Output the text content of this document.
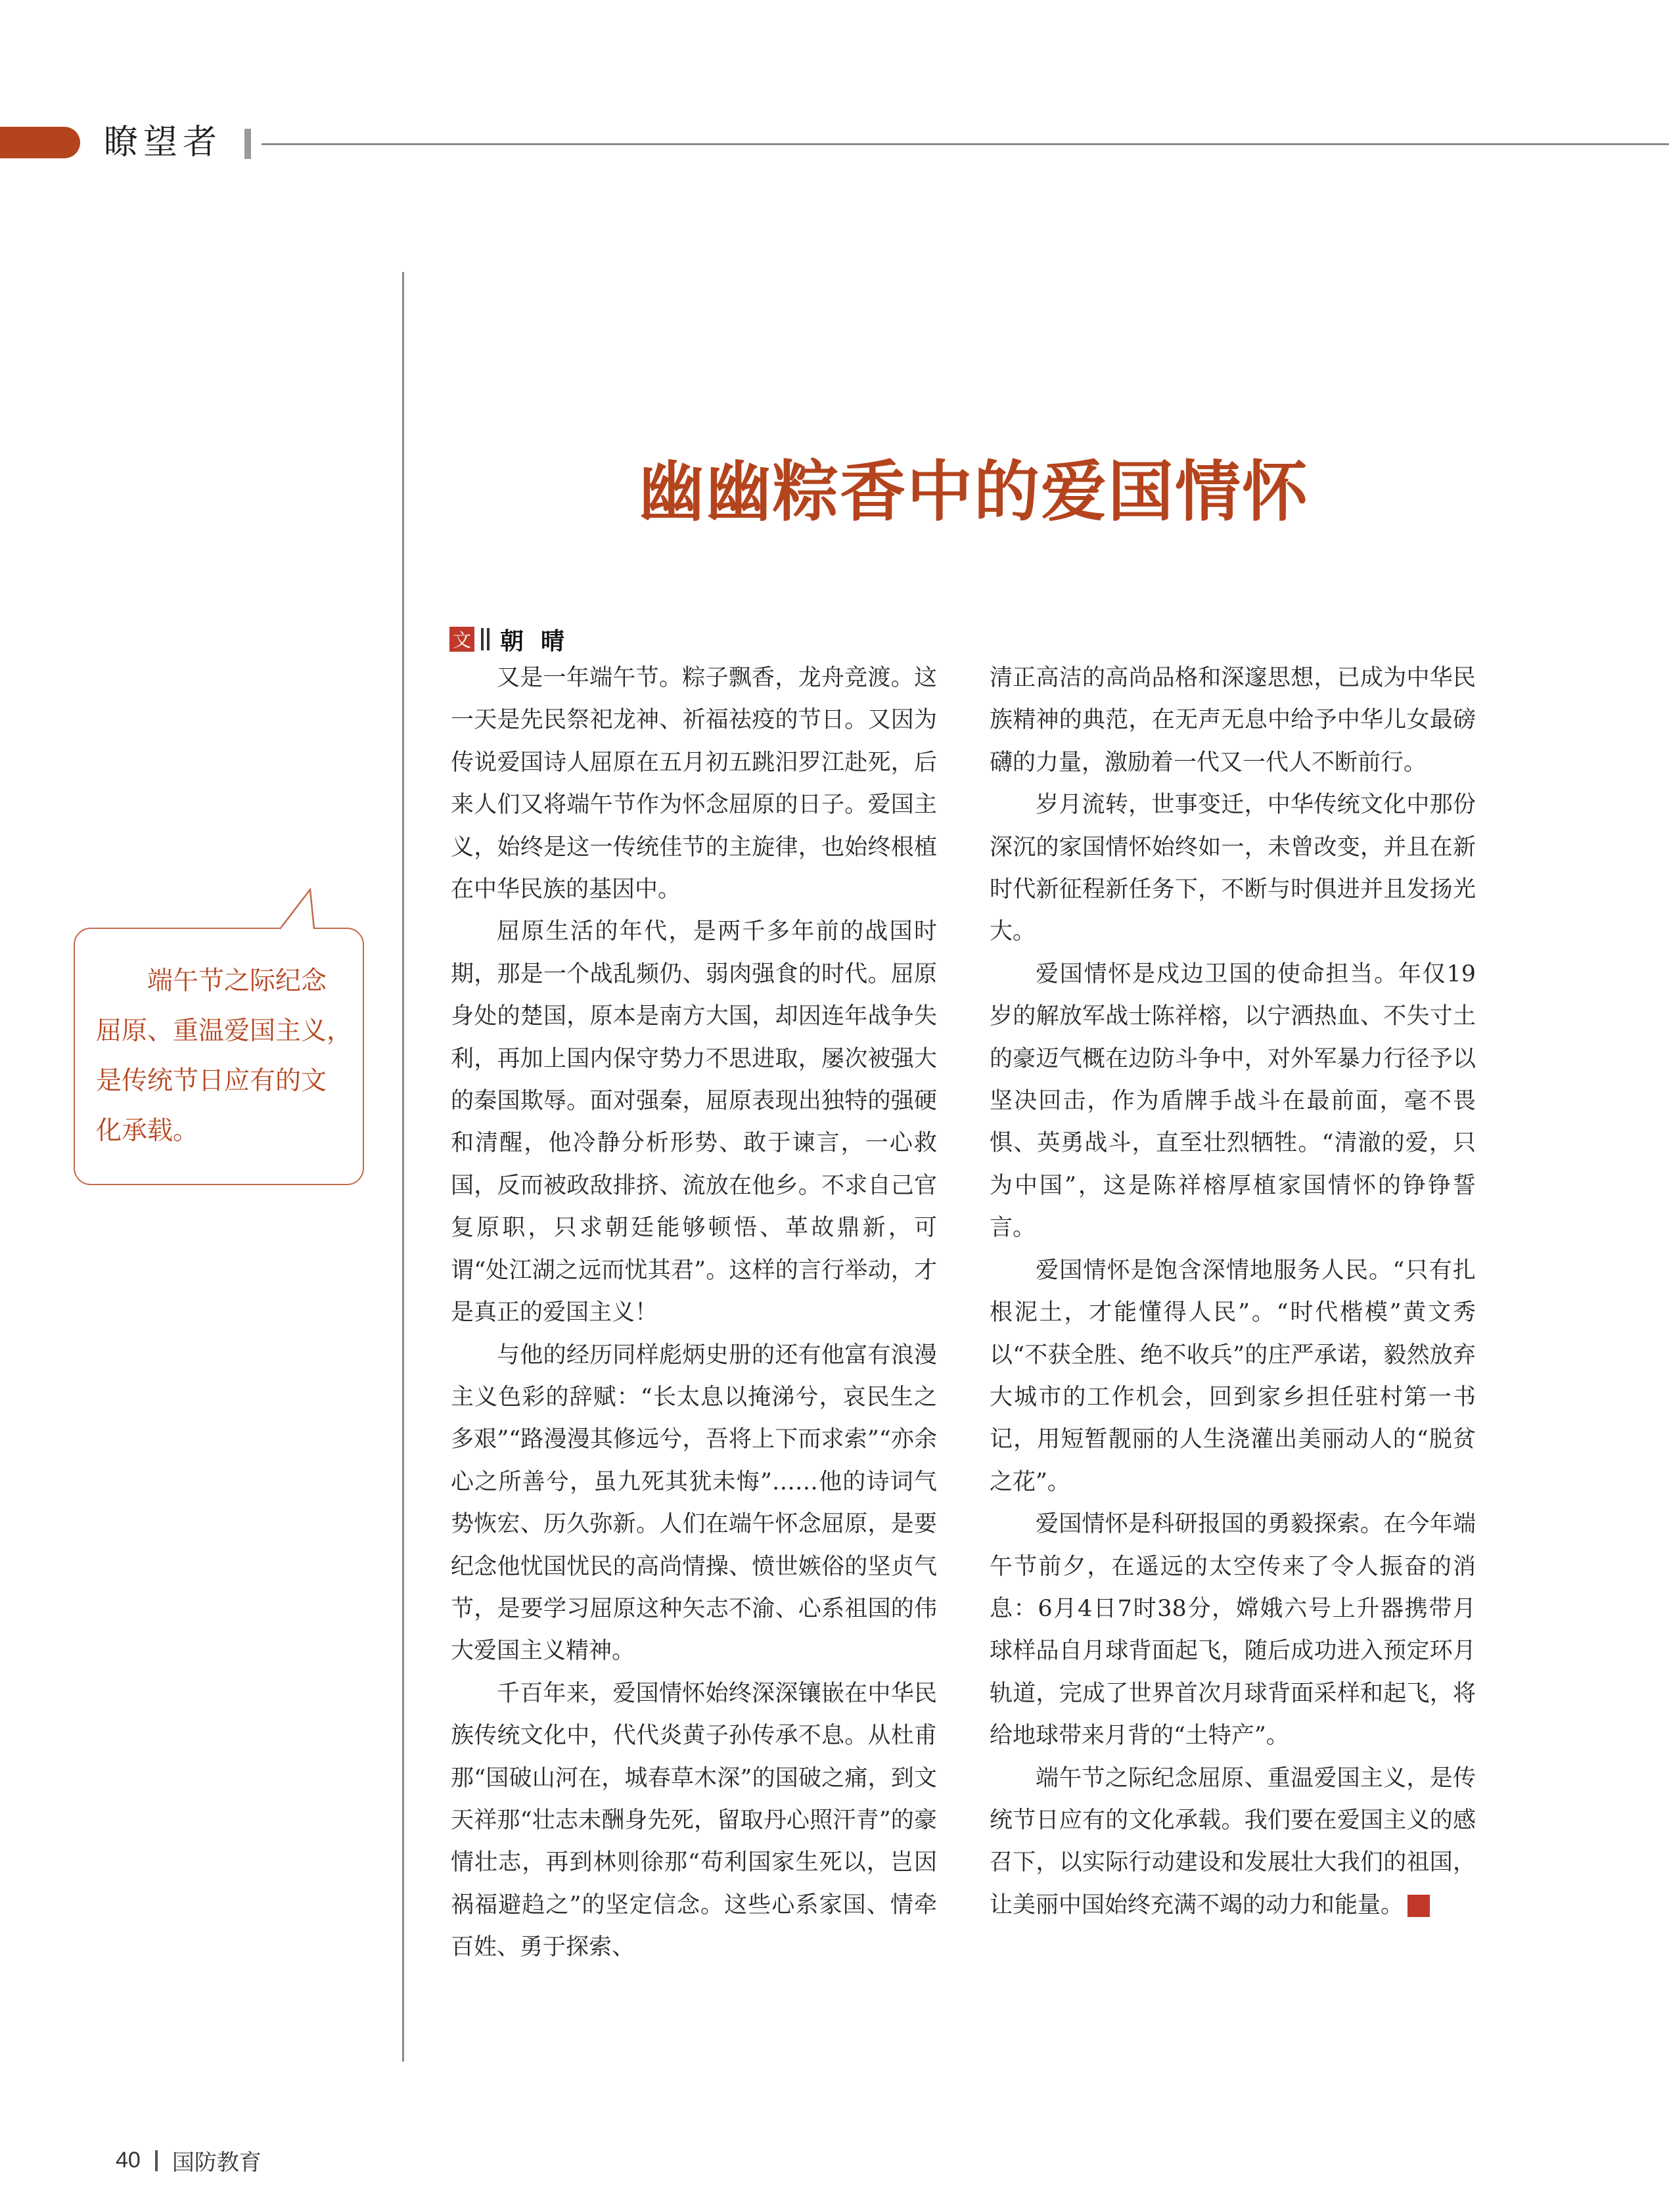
瞭望者
幽幽粽香中的爱国情怀
文 朝晴

又是一年端午节。粽子飘香，龙舟竞渡。这一天是先民祭祀龙神、祈福祛疫的节日。又因为传说爱国诗人屈原在五月初五跳汨罗江赴死，后来人们又将端午节作为怀念屈原的日子。爱国主义，始终是这一传统佳节的主旋律，也始终根植在中华民族的基因中。

屈原生活的年代，是两千多年前的战国时期，那是一个战乱频仍、弱肉强食的时代。屈原身处的楚国，原本是南方大国，却因连年战争失利，再加上国内保守势力不思进取，屡次被强大的秦国欺辱。面对强秦，屈原表现出独特的强硬和清醒，他冷静分析形势、敢于谏言，一心救国，反而被政敌排挤、流放在他乡。不求自己官复原职，只求朝廷能够顿悟、革故鼎新，可谓“处江湖之远而忧其君”。这样的言行举动，才是真正的爱国主义！

与他的经历同样彪炳史册的还有他富有浪漫主义色彩的辞赋：“长太息以掩涕兮，哀民生之多艰”“路漫漫其修远兮，吾将上下而求索”“亦余心之所善兮，虽九死其犹未悔”……他的诗词气势恢宏、历久弥新。人们在端午怀念屈原，是要纪念他忧国忧民的高尚情操、愤世嫉俗的坚贞气节，是要学习屈原这种矢志不渝、心系祖国的伟大爱国主义精神。

千百年来，爱国情怀始终深深镶嵌在中华民族传统文化中，代代炎黄子孙传承不息。从杜甫那“国破山河在，城春草木深”的国破之痛，到文天祥那“壮志未酬身先死，留取丹心照汗青”的豪情壮志，再到林则徐那“苟利国家生死以，岂因祸福避趋之”的坚定信念。这些心系家国、情牵百姓、勇于探索、

清正高洁的高尚品格和深邃思想，已成为中华民族精神的典范，在无声无息中给予中华儿女最磅礴的力量，激励着一代又一代人不断前行。

岁月流转，世事变迁，中华传统文化中那份深沉的家国情怀始终如一，未曾改变，并且在新时代新征程新任务下，不断与时俱进并且发扬光大。

爱国情怀是戍边卫国的使命担当。年仅19岁的解放军战士陈祥榕，以宁洒热血、不失寸土的豪迈气概在边防斗争中，对外军暴力行径予以坚决回击，作为盾牌手战斗在最前面，毫不畏惧、英勇战斗，直至壮烈牺牲。“清澈的爱，只为中国”，这是陈祥榕厚植家国情怀的铮铮誓言。

爱国情怀是饱含深情地服务人民。“只有扎根泥土，才能懂得人民”。“时代楷模”黄文秀以“不获全胜、绝不收兵”的庄严承诺，毅然放弃大城市的工作机会，回到家乡担任驻村第一书记，用短暂靓丽的人生浇灌出美丽动人的“脱贫之花”。

爱国情怀是科研报国的勇毅探索。在今年端午节前夕，在遥远的太空传来了令人振奋的消息：6月4日7时38分，嫦娥六号上升器携带月球样品自月球背面起飞，随后成功进入预定环月轨道，完成了世界首次月球背面采样和起飞，将给地球带来月背的“土特产”。

端午节之际纪念屈原、重温爱国主义，是传统节日应有的文化承载。我们要在爱国主义的感召下，以实际行动建设和发展壮大我们的祖国，让美丽中国始终充满不竭的动力和能量。	G

端午节之际纪念
屈原、重温爱国主义，
是传统节日应有的文
化承载。
40 国防教育
